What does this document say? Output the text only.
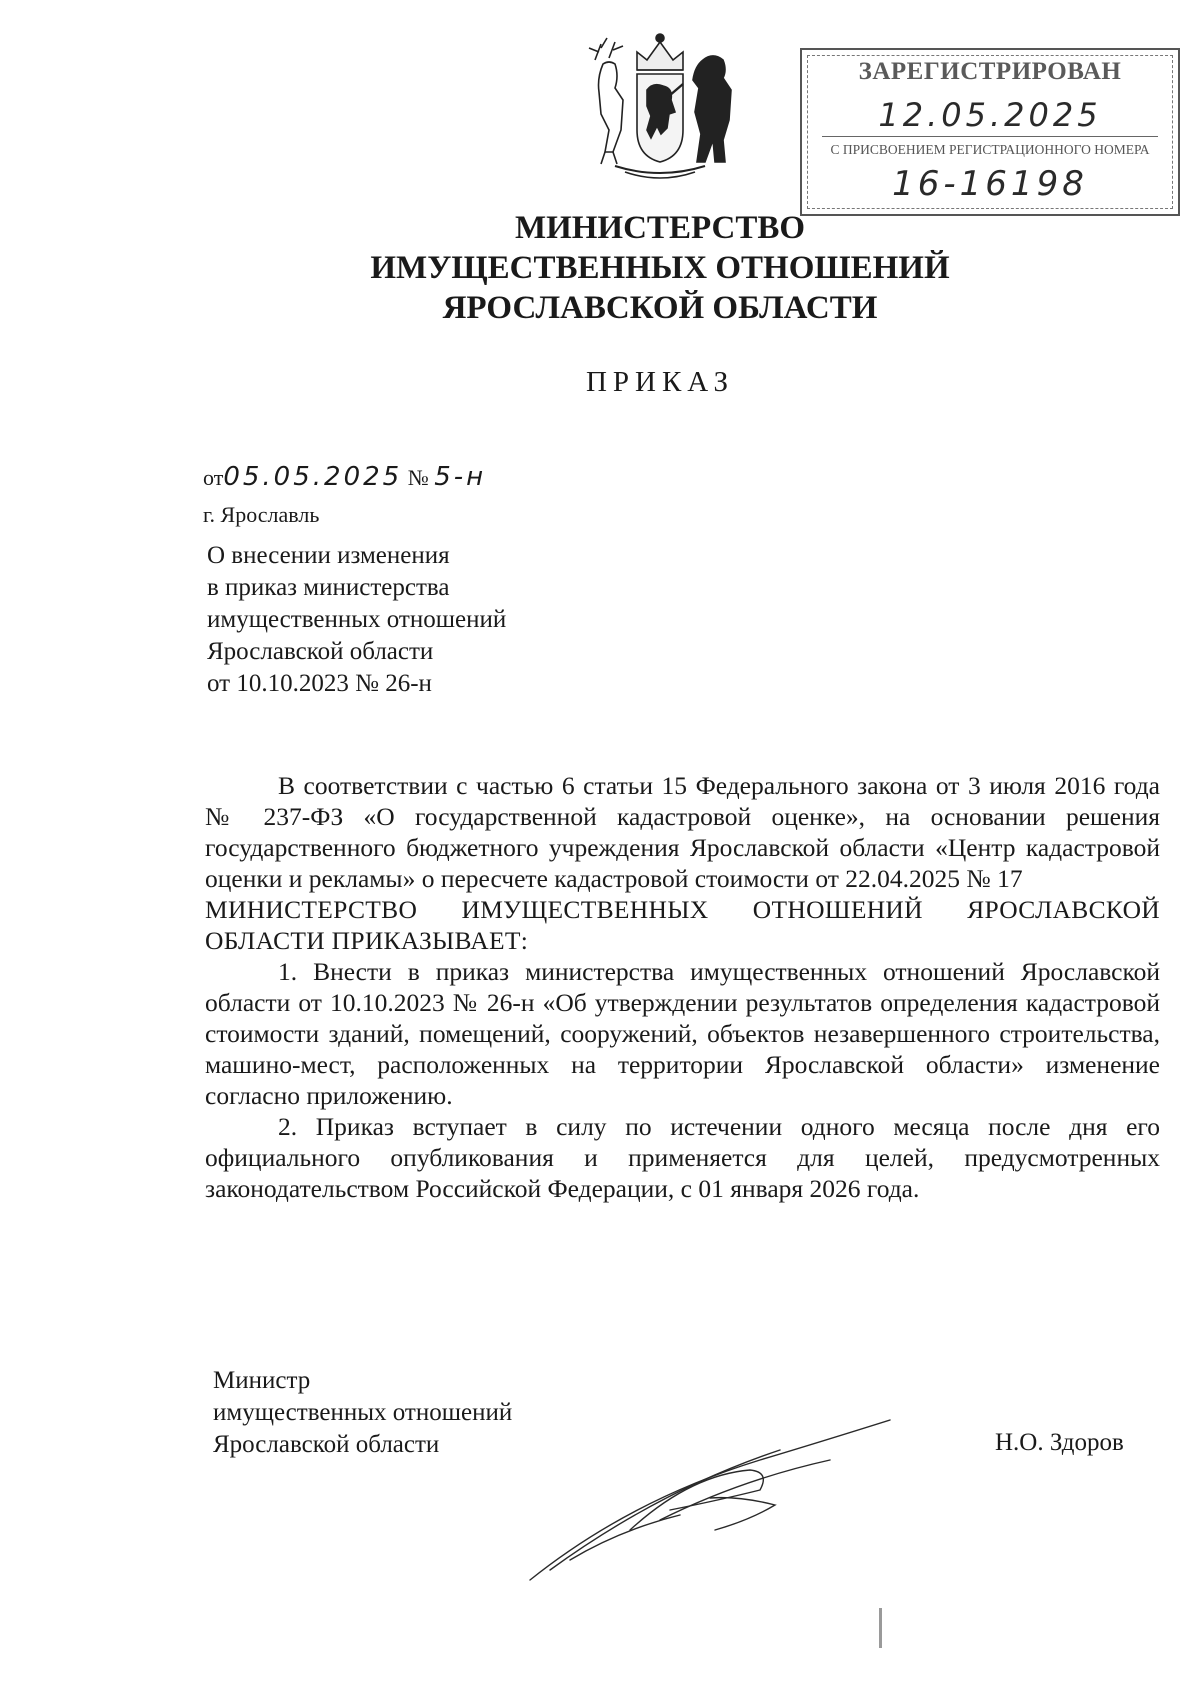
ЗАРЕГИСТРИРОВАН
12.05.2025
С ПРИСВОЕНИЕМ РЕГИСТРАЦИОННОГО НОМЕРА
16-16198
МИНИСТЕРСТВО
ИМУЩЕСТВЕННЫХ ОТНОШЕНИЙ
ЯРОСЛАВСКОЙ ОБЛАСТИ
ПРИКАЗ
от05.05.2025 № 5-н
г. Ярославль
О внесении изменения
в приказ министерства
имущественных отношений
Ярославской области
от 10.10.2023 № 26-н

В соответствии с частью 6 статьи 15 Федерального закона от 3 июля 2016 года № 237-ФЗ «О государственной кадастровой оценке», на основании решения государственного бюджетного учреждения Ярославской области «Центр кадастровой оценки и рекламы» о пересчете кадастровой стоимости от 22.04.2025 № 17

МИНИСТЕРСТВО ИМУЩЕСТВЕННЫХ ОТНОШЕНИЙ ЯРОСЛАВСКОЙ ОБЛАСТИ ПРИКАЗЫВАЕТ:

1. Внести в приказ министерства имущественных отношений Ярославской области от 10.10.2023 № 26-н «Об утверждении результатов определения кадастровой стоимости зданий, помещений, сооружений, объектов незавершенного строительства, машино-мест, расположенных на территории Ярославской области» изменение согласно приложению.

2. Приказ вступает в силу по истечении одного месяца после дня его официального опубликования и применяется для целей, предусмотренных законодательством Российской Федерации, с 01 января 2026 года.

Министр
имущественных отношений
Ярославской области	Н.О. Здоров
